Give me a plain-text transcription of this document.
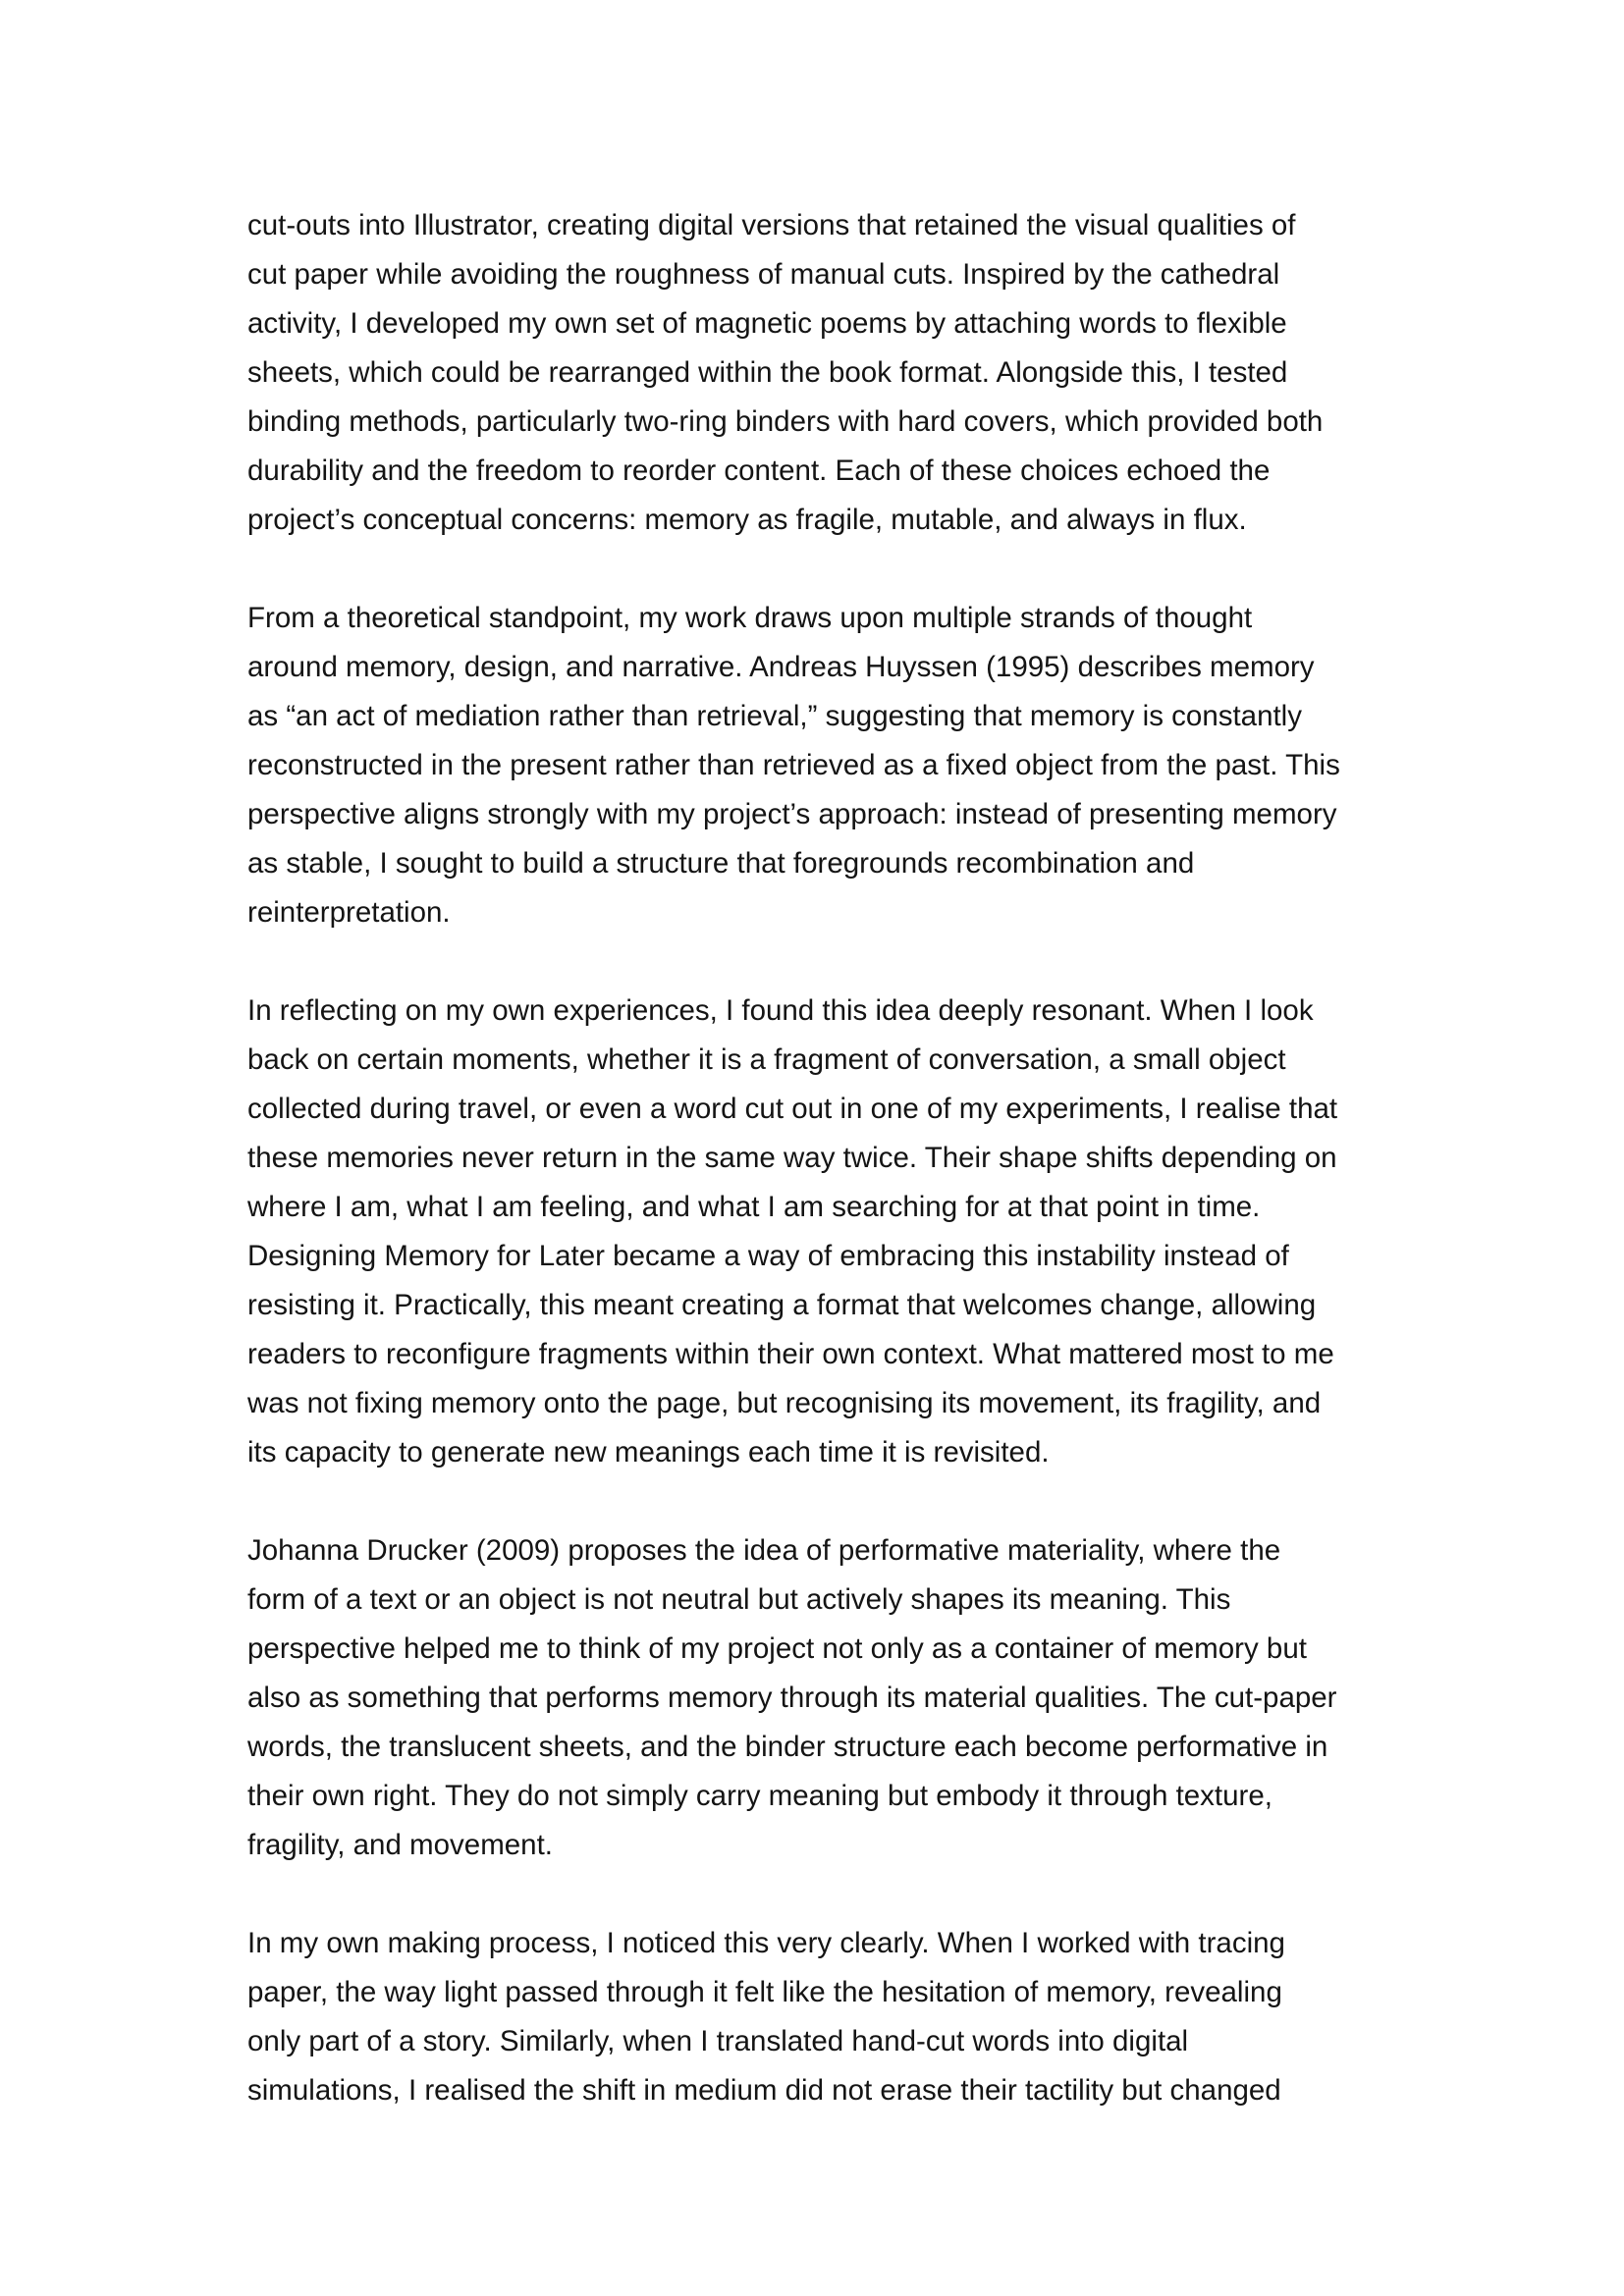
cut-outs into Illustrator, creating digital versions that retained the visual qualities of
cut paper while avoiding the roughness of manual cuts. Inspired by the cathedral
activity, I developed my own set of magnetic poems by attaching words to flexible
sheets, which could be rearranged within the book format. Alongside this, I tested
binding methods, particularly two-ring binders with hard covers, which provided both
durability and the freedom to reorder content. Each of these choices echoed the
project’s conceptual concerns: memory as fragile, mutable, and always in flux.
From a theoretical standpoint, my work draws upon multiple strands of thought
around memory, design, and narrative. Andreas Huyssen (1995) describes memory
as “an act of mediation rather than retrieval,” suggesting that memory is constantly
reconstructed in the present rather than retrieved as a fixed object from the past. This
perspective aligns strongly with my project’s approach: instead of presenting memory
as stable, I sought to build a structure that foregrounds recombination and
reinterpretation.
In reflecting on my own experiences, I found this idea deeply resonant. When I look
back on certain moments, whether it is a fragment of conversation, a small object
collected during travel, or even a word cut out in one of my experiments, I realise that
these memories never return in the same way twice. Their shape shifts depending on
where I am, what I am feeling, and what I am searching for at that point in time.
Designing Memory for Later became a way of embracing this instability instead of
resisting it. Practically, this meant creating a format that welcomes change, allowing
readers to reconfigure fragments within their own context. What mattered most to me
was not fixing memory onto the page, but recognising its movement, its fragility, and
its capacity to generate new meanings each time it is revisited.
Johanna Drucker (2009) proposes the idea of performative materiality, where the
form of a text or an object is not neutral but actively shapes its meaning. This
perspective helped me to think of my project not only as a container of memory but
also as something that performs memory through its material qualities. The cut-paper
words, the translucent sheets, and the binder structure each become performative in
their own right. They do not simply carry meaning but embody it through texture,
fragility, and movement.
In my own making process, I noticed this very clearly. When I worked with tracing
paper, the way light passed through it felt like the hesitation of memory, revealing
only part of a story. Similarly, when I translated hand-cut words into digital
simulations, I realised the shift in medium did not erase their tactility but changed
